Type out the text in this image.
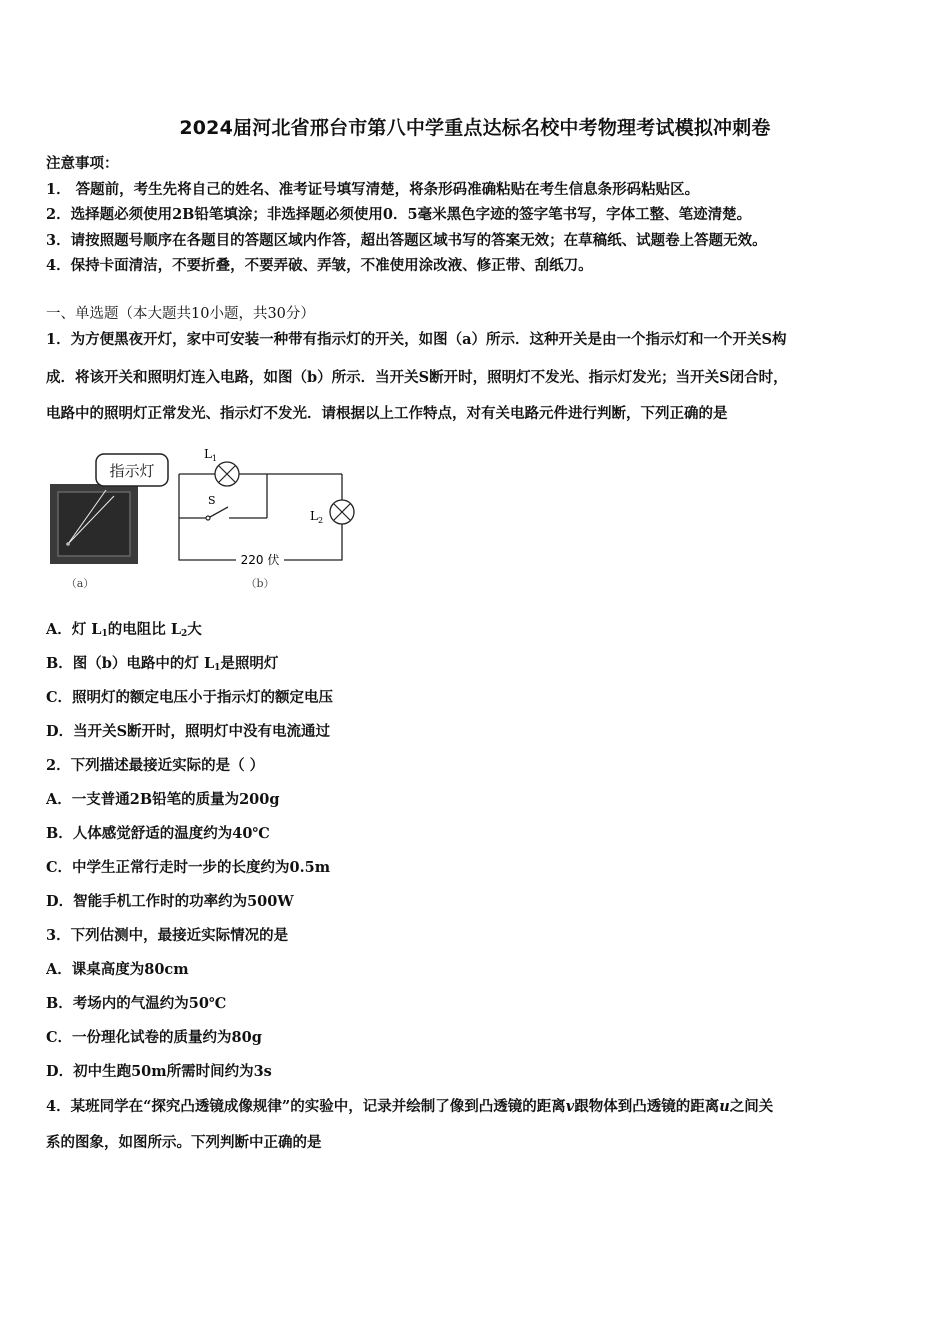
2024届河北省邢台市第八中学重点达标名校中考物理考试模拟冲刺卷
注意事项：
1． 答题前，考生先将自己的姓名、准考证号填写清楚，将条形码准确粘贴在考生信息条形码粘贴区。
2．选择题必须使用2B铅笔填涂；非选择题必须使用0．5毫米黑色字迹的签字笔书写，字体工整、笔迹清楚。
3．请按照题号顺序在各题目的答题区域内作答，超出答题区域书写的答案无效；在草稿纸、试题卷上答题无效。
4．保持卡面清洁，不要折叠，不要弄破、弄皱，不准使用涂改液、修正带、刮纸刀。
一、单选题（本大题共10小题，共30分）
1．为方便黑夜开灯，家中可安装一种带有指示灯的开关，如图（a）所示．这种开关是由一个指示灯和一个开关S构
成．将该开关和照明灯连入电路，如图（b）所示．当开关S断开时，照明灯不发光、指示灯发光；当开关S闭合时，
电路中的照明灯正常发光、指示灯不发光．请根据以上工作特点，对有关电路元件进行判断，下列正确的是
指示灯
L 1
L 2
S
220 伏
（a）	（b）
A．灯 $L_1$的电阻比 $L_2$大
B．图（b）电路中的灯 $L_1$是照明灯
C．照明灯的额定电压小于指示灯的额定电压
D．当开关S断开时，照明灯中没有电流通过
2．下列描述最接近实际的是（ ）
A．一支普通2B铅笔的质量为200g
B．人体感觉舒适的温度约为40℃
C．中学生正常行走时一步的长度约为0.5m
D．智能手机工作时的功率约为500W
3．下列估测中，最接近实际情况的是
A．课桌高度为80cm
B．考场内的气温约为50℃
C．一份理化试卷的质量约为80g
D．初中生跑50m所需时间约为3s
4．某班同学在“探究凸透镜成像规律”的实验中，记录并绘制了像到凸透镜的距离v跟物体到凸透镜的距离u之间关
系的图象，如图所示。下列判断中正确的是
